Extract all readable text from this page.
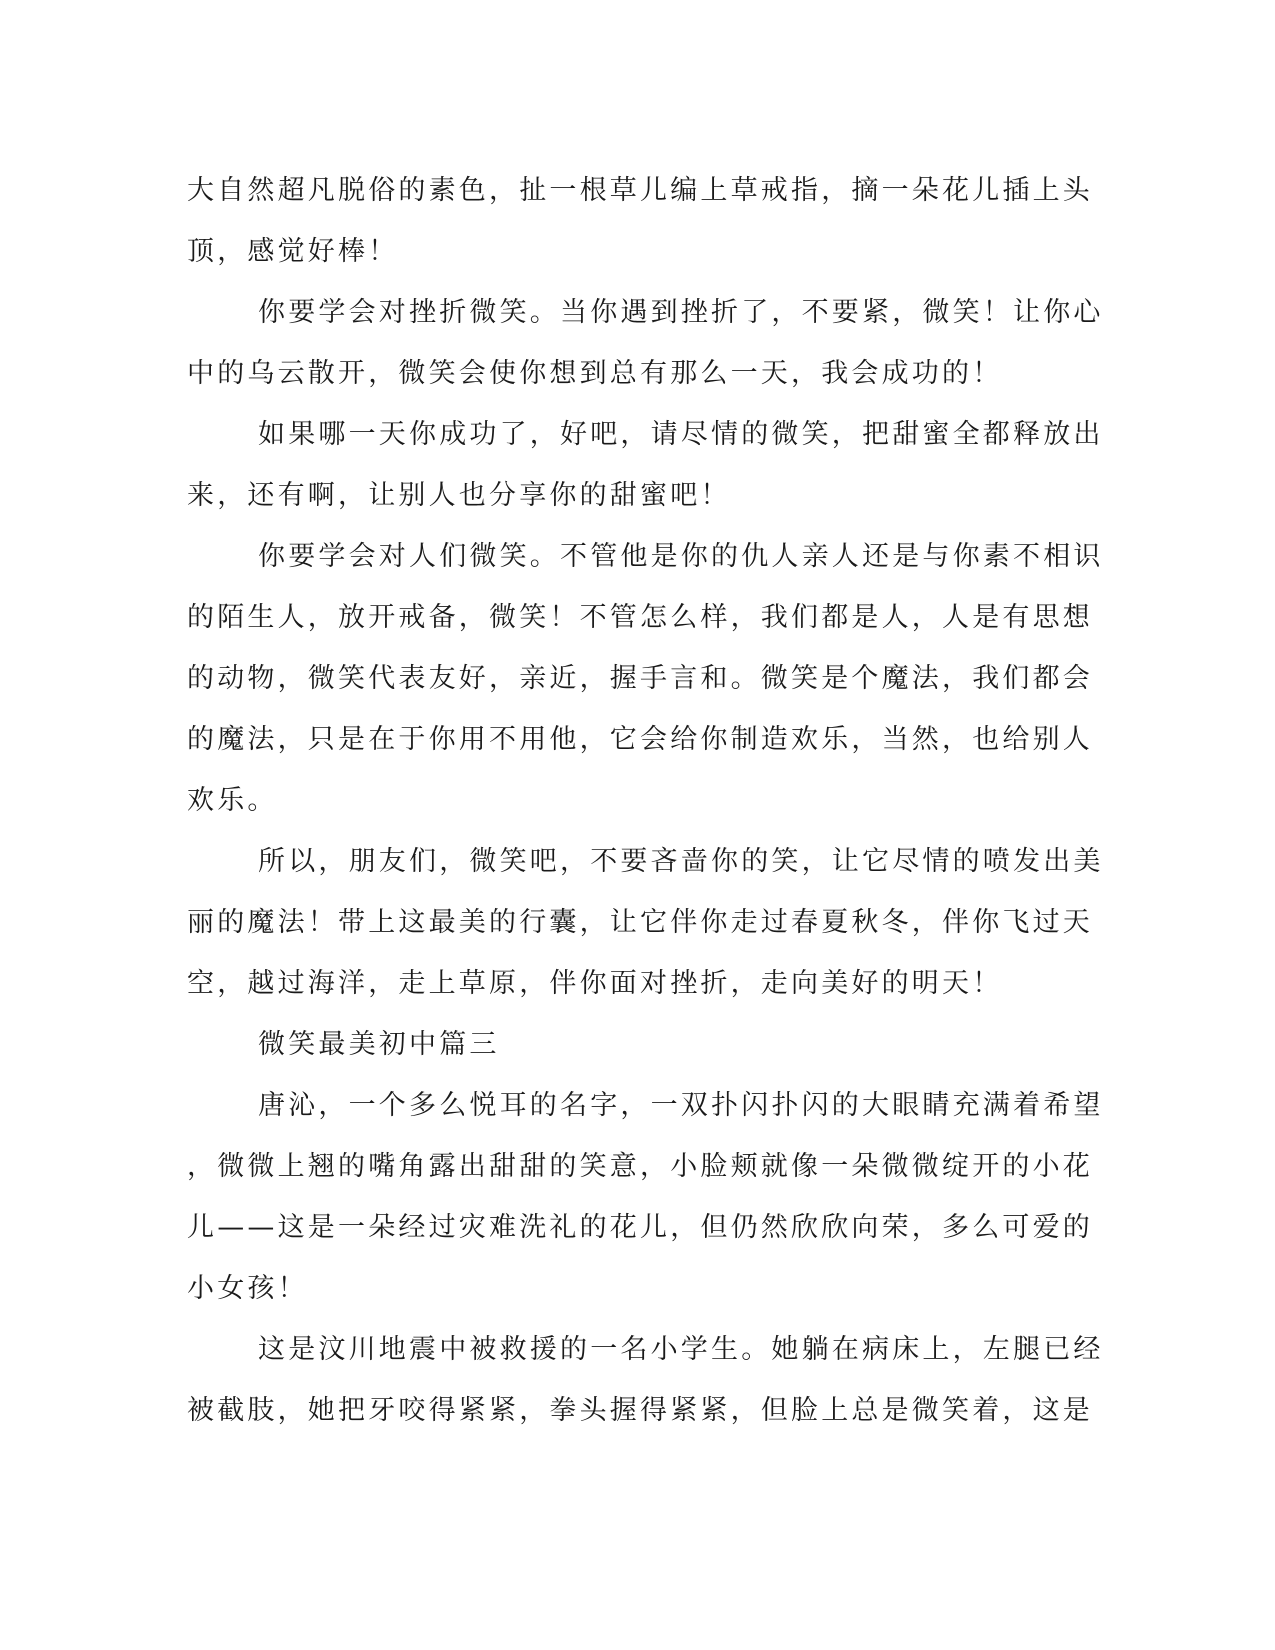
大自然超凡脱俗的素色，扯一根草儿编上草戒指，摘一朵花儿插上头
顶，感觉好棒！
你要学会对挫折微笑。当你遇到挫折了，不要紧，微笑！让你心
中的乌云散开，微笑会使你想到总有那么一天，我会成功的！
如果哪一天你成功了，好吧，请尽情的微笑，把甜蜜全都释放出
来，还有啊，让别人也分享你的甜蜜吧！
你要学会对人们微笑。不管他是你的仇人亲人还是与你素不相识
的陌生人，放开戒备，微笑！不管怎么样，我们都是人，人是有思想
的动物，微笑代表友好，亲近，握手言和。微笑是个魔法，我们都会
的魔法，只是在于你用不用他，它会给你制造欢乐，当然，也给别人
欢乐。
所以，朋友们，微笑吧，不要吝啬你的笑，让它尽情的喷发出美
丽的魔法！带上这最美的行囊，让它伴你走过春夏秋冬，伴你飞过天
空，越过海洋，走上草原，伴你面对挫折，走向美好的明天！
微笑最美初中篇三
唐沁，一个多么悦耳的名字，一双扑闪扑闪的大眼睛充满着希望
，微微上翘的嘴角露出甜甜的笑意，小脸颊就像一朵微微绽开的小花
儿——这是一朵经过灾难洗礼的花儿，但仍然欣欣向荣，多么可爱的
小女孩！
这是汶川地震中被救援的一名小学生。她躺在病床上，左腿已经
被截肢，她把牙咬得紧紧，拳头握得紧紧，但脸上总是微笑着，这是
